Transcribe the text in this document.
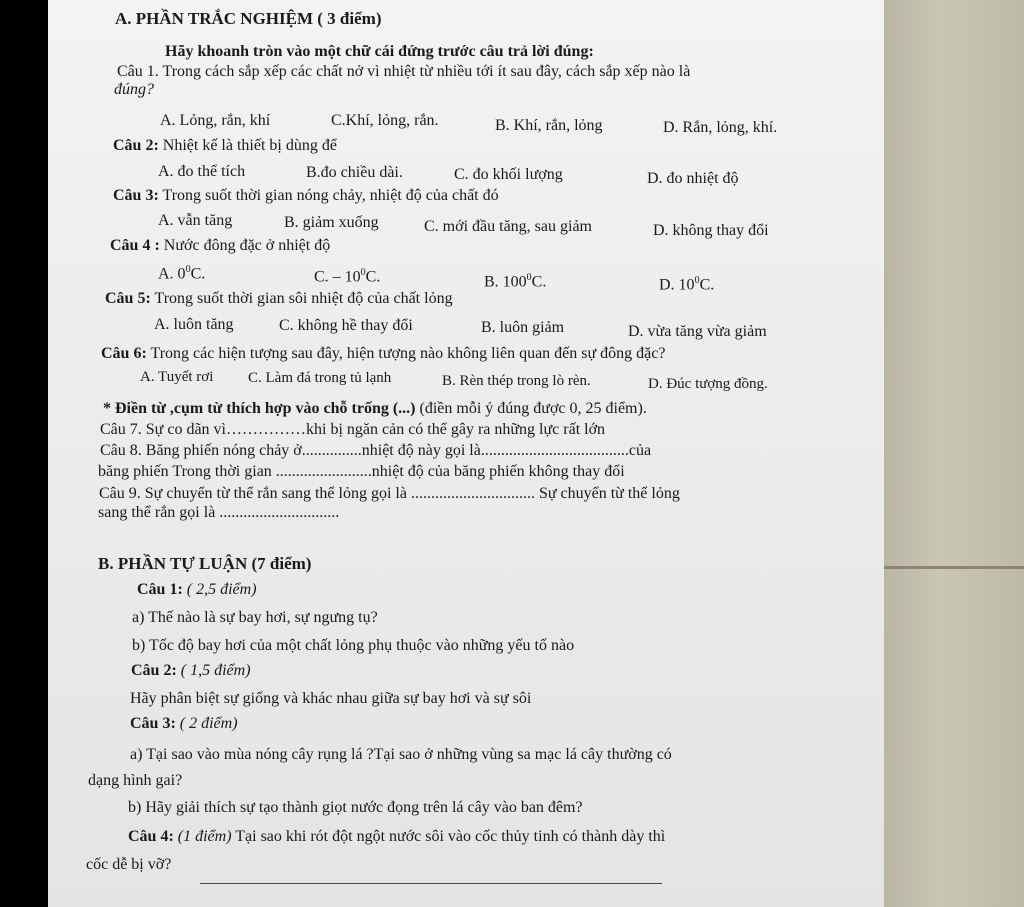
A. PHẦN TRẮC NGHIỆM ( 3 điểm)
Hãy khoanh tròn vào một chữ cái đứng trước câu trả lời đúng:
Câu 1. Trong cách sắp xếp các chất nở vì nhiệt từ nhiều tới ít sau đây, cách sắp xếp nào là
đúng?
A. Lỏng, rắn, khí	C.Khí, lỏng, rắn.	B. Khí, rắn, lỏng	D. Rắn, lỏng, khí.
Câu 2: Nhiệt kế là thiết bị dùng để
A. đo thể tích	B.đo chiều dài.	C. đo khối lượng	D. đo nhiệt độ
Câu 3: Trong suốt thời gian nóng chảy, nhiệt độ của chất đó
A. vẫn tăng	B. giảm xuống	C. mới đầu tăng, sau giảm	D. không thay đổi
Câu 4 : Nước đông đặc ở nhiệt độ
A. $0^0C$.	C. – $10^0C$.	B. $100^0C$.	D. $10^0C$.
Câu 5: Trong suốt thời gian sôi nhiệt độ của chất lỏng
A. luôn tăng	C. không hề thay đổi	B. luôn giảm	D. vừa tăng vừa giảm
Câu 6: Trong các hiện tượng sau đây, hiện tượng nào không liên quan đến sự đông đặc?
A. Tuyết rơi C. Làm đá trong tủ lạnh	B. Rèn thép trong lò rèn.	D. Đúc tượng đồng.
* Điền từ ,cụm từ thích hợp vào chỗ trống (...) (điền mỗi ý đúng được 0, 25 điểm).
Câu 7. Sự co dãn vì……………khi bị ngăn cản có thể gây ra những lực rất lớn
Câu 8. Băng phiến nóng chảy ở...............nhiệt độ này gọi là.....................................của
băng phiến Trong thời gian ........................nhiệt độ của băng phiến không thay đổi
Câu 9. Sự chuyển từ thể rắn sang thể lỏng gọi là ............................... Sự chuyển từ thể lỏng
sang thể rắn gọi là ..............................
B. PHẦN TỰ LUẬN (7 điểm)
Câu 1: ( 2,5 điểm)
a) Thế nào là sự bay hơi, sự ngưng tụ?
b) Tốc độ bay hơi của một chất lỏng phụ thuộc vào những yếu tố nào
Câu 2: ( 1,5 điểm)
Hãy phân biệt sự giống và khác nhau giữa sự bay hơi và sự sôi
Câu 3: ( 2 điểm)
a) Tại sao vào mùa nóng cây rụng lá ?Tại sao ở những vùng sa mạc lá cây thường có
dạng hình gai?
b) Hãy giải thích sự tạo thành giọt nước đọng trên lá cây vào ban đêm?
Câu 4: (1 điểm) Tại sao khi rót đột ngột nước sôi vào cốc thủy tinh có thành dày thì
cốc dễ bị vỡ?
